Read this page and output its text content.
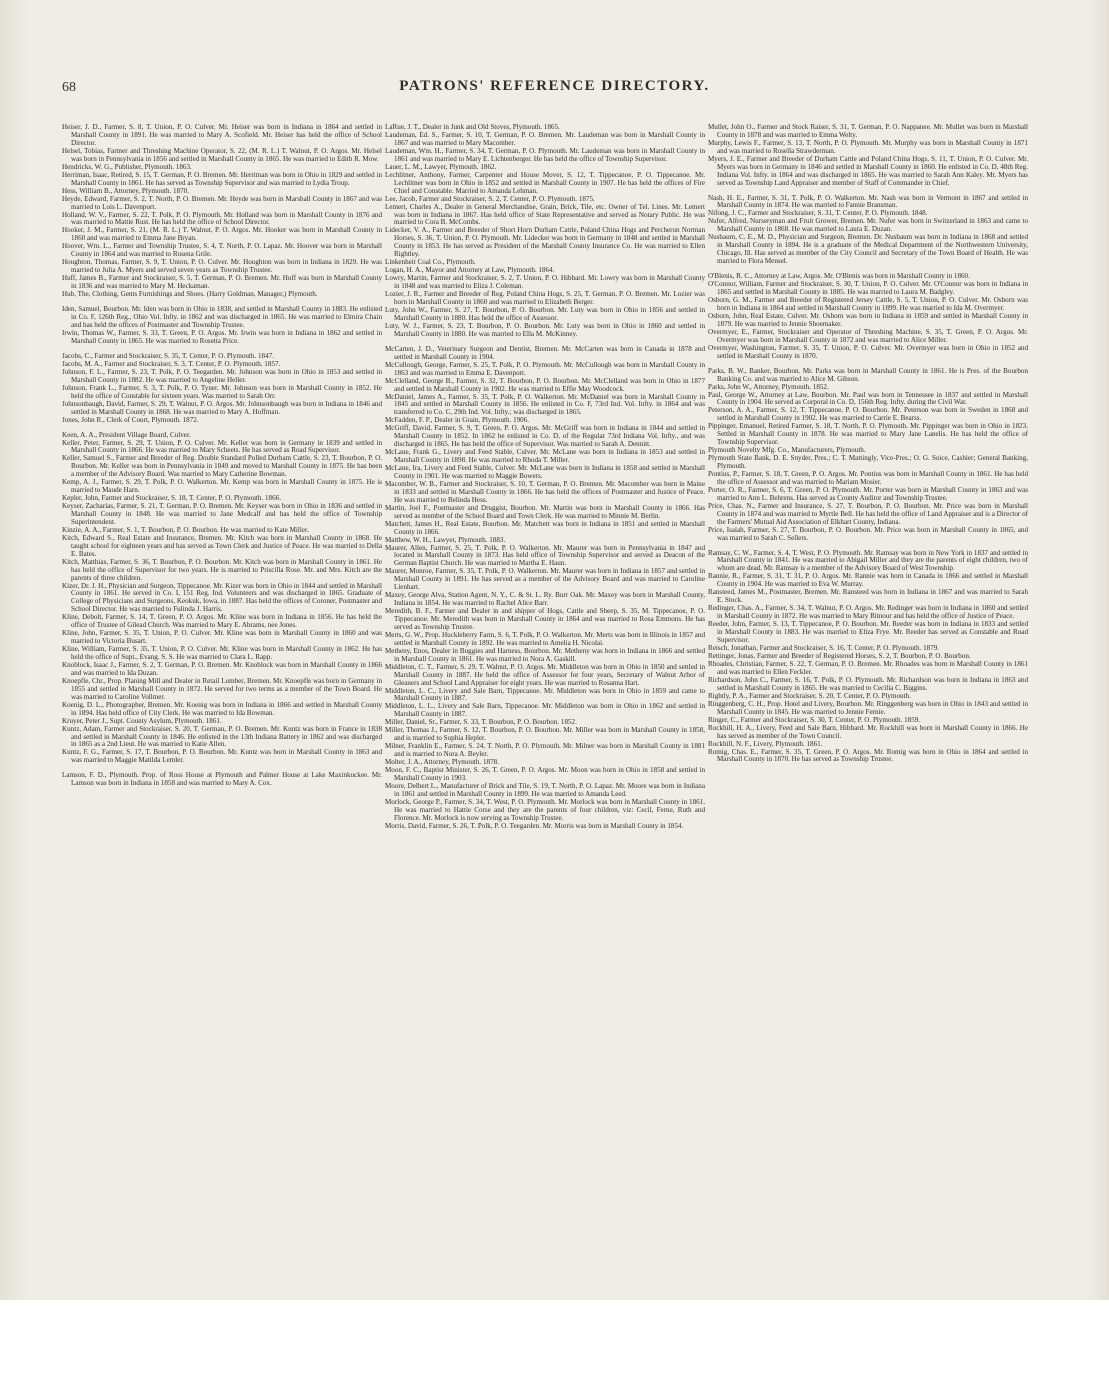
68	PATRONS' REFERENCE DIRECTORY.
Heiser, J. D., Farmer, S. 8, T. Union, P. O. Culver. Mr. Heiser was born in Indiana in 1864 and settled in Marshall County in 1891. He was married to Mary A. Scofield. Mr. Heiser has held the office of School Director.
Helsel, Tobias, Farmer and Threshing Machine Operator, S. 22, (M. R. L.) T. Walnut, P. O. Argos. Mr. Helsel was born in Pennsylvania in 1856 and settled in Marshall County in 1865. He was married to Edith R. Mow.
Hendricks, W. G., Publisher, Plymouth. 1863.
Herriman, Isaac, Retired, S. 15, T. German, P. O. Bremen. Mr. Herriman was born in Ohio in 1829 and settled in Marshall County in 1861. He has served as Township Supervisor and was married to Lydia Troup.
Hess, William B., Attorney, Plymouth. 1870.
Heyde, Edward, Farmer, S. 2, T. North, P. O. Bremen. Mr. Heyde was born in Marshall County in 1867 and was married to Lois L. Davenport.
Holland, W. V., Farmer, S. 22, T. Polk, P. O. Plymouth. Mr. Holland was born in Marshall County in 1876 and was married to Mattie Rust. He has held the office of School Director.
Hooker, J. M., Farmer, S. 21, (M. R. L.) T. Walnut, P. O. Argos. Mr. Hooker was born in Marshall County in 1860 and was married to Emma Jane Bryan.
Hoover, Wm. L., Farmer and Township Trustee, S. 4, T. North, P. O. Lapaz. Mr. Hoover was born in Marshall County in 1864 and was married to Rosena Grile.
Houghton, Thomas, Farmer, S. 9, T. Union, P. O. Culver. Mr. Houghton was born in Indiana in 1829. He was married to Julia A. Myers and served seven years as Township Trustee.
Huff, James B., Farmer and Stockraiser, S. 5, T. German, P. O. Bremen. Mr. Huff was born in Marshall County in 1836 and was married to Mary M. Heckaman.
Hub, The, Clothing, Gents Furnishings and Shoes. (Harry Goldman, Manager,) Plymouth.
Iden, Samuel, Bourbon. Mr. Iden was born in Ohio in 1838, and settled in Marshall County in 1883. He enlisted in Co. F, 126th Reg., Ohio Vol. Infty. in 1862 and was discharged in 1865. He was married to Elmira Chain and has held the offices of Postmaster and Township Trustee.
Irwin, Thomas W., Farmer, S. 33, T. Green, P. O. Argos. Mr. Irwin was born in Indiana in 1862 and settled in Marshall County in 1865. He was married to Rosetta Price.
Jacobs, C., Farmer and Stockraiser, S. 35, T. Center, P. O. Plymouth. 1847.
Jacobs, M. A., Farmer and Stockraiser, S. 3, T. Center, P. O. Plymouth. 1857.
Johnson, F. L., Farmer, S. 23, T. Polk, P. O. Teegarden. Mr. Johnson was born in Ohio in 1853 and settled in Marshall County in 1882. He was married to Angeline Heller.
Johnson, Frank L., Farmer, S. 3, T. Polk, P. O. Tyner. Mr. Johnson was born in Marshall County in 1852. He held the office of Constable for sixteen years. Was married to Sarah Orr.
Johnsonbaugh, David, Farmer, S. 29, T. Walnut, P. O. Argos. Mr. Johnsonbaugh was born in Indiana in 1846 and settled in Marshall County in 1868. He was married to Mary A. Hoffman.
Jones, John R., Clerk of Court, Plymouth. 1872.
Keen, A. A., President Village Board, Culver.
Keller, Peter, Farmer, S. 29, T. Union, P. O. Culver. Mr. Keller was born in Germany in 1839 and settled in Marshall County in 1866. He was married to Mary Scheets. He has served as Road Supervisor.
Keller, Samuel S., Farmer and Breeder of Reg. Double Standard Polled Durham Cattle, S. 23, T. Bourbon, P. O. Bourbon. Mr. Keller was born in Pennsylvania in 1849 and moved to Marshall County in 1875. He has been a member of the Advisory Board. Was married to Mary Catherine Bowman.
Kemp, A. J., Farmer, S. 29, T. Polk, P. O. Walkerton. Mr. Kemp was born in Marshall County in 1875. He is married to Maude Harn.
Kepler, John, Farmer and Stockraiser, S. 18, T. Center, P. O. Plymouth. 1866.
Keyser, Zacharias, Farmer, S. 21, T. German, P. O. Bremen. Mr. Keyser was born in Ohio in 1836 and settled in Marshall County in 1848. He was married to Jane Medcalf and has held the office of Township Superintendent.
Kinzie, A. A., Farmer, S. 1, T. Bourbon, P. O. Bourbon. He was married to Kate Miller.
Kitch, Edward S., Real Estate and Insurance, Bremen. Mr. Kitch was born in Marshall County in 1868. He taught school for eighteen years and has served as Town Clerk and Justice of Peace. He was married to Della E. Bates.
Kitch, Matthias, Farmer, S. 36, T. Bourbon, P. O. Bourbon. Mr. Kitch was born in Marshall County in 1861. He has held the office of Supervisor for two years. He is married to Priscilla Rose. Mr. and Mrs. Kitch are the parents of three children.
Kizer, Dr. J. H., Physician and Surgeon, Tippecanoe. Mr. Kizer was born in Ohio in 1844 and settled in Marshall County in 1861. He served in Co. I, 151 Reg. Ind. Volunteers and was discharged in 1865. Graduate of College of Physicians and Surgeons, Keokuk, Iowa, in 1887. Has held the offices of Coroner, Postmaster and School Director. He was married to Fulinda J. Harris.
Kline, Debolt, Farmer, S. 14, T. Green, P. O. Argos. Mr. Kline was born in Indiana in 1856. He has held the office of Trustee of Gilead Church. Was married to Mary E. Abrams, nee Jones.
Kline, John, Farmer, S. 35, T. Union, P. O. Culver. Mr. Kline was born in Marshall County in 1860 and was married to Victoria Busart.
Kline, William, Farmer, S. 35, T. Union, P. O. Culver. Mr. Kline was born in Marshall County in 1862. He has held the office of Supt., Evang. S. S. He was married to Clara L. Rapp.
Knoblock, Isaac J., Farmer, S. 2, T. German, P. O. Bremen. Mr. Knoblock was born in Marshall County in 1866 and was married to Ida Duzan.
Knoepfle, Chr., Prop. Planing Mill and Dealer in Retail Lumber, Bremen. Mr. Knoepfle was born in Germany in 1855 and settled in Marshall County in 1872. He served for two terms as a member of the Town Board. He was married to Caroline Vollmer.
Koenig, D. L., Photographer, Bremen. Mr. Koenig was born in Indiana in 1866 and settled in Marshall County in 1894. Has held office of City Clerk. He was married to Ida Bowman.
Kruyer, Peter J., Supt. County Asylum, Plymouth. 1861.
Kuntz, Adam, Farmer and Stockraiser, S. 20, T. German, P. O. Bremen. Mr. Kuntz was born in France in 1838 and settled in Marshall County in 1846. He enlisted in the 13th Indiana Battery in 1862 and was discharged in 1865 as a 2nd Lieut. He was married to Katie Allen.
Kuntz, F. G., Farmer, S. 17, T. Bourbon, P. O. Bourbon. Mr. Kuntz was born in Marshall County in 1863 and was married to Maggie Matilda Lemler.
Lamson, F. D., Plymouth. Prop. of Ross House at Plymouth and Palmer House at Lake Maxinkuckee. Mr. Lamson was born in Indiana in 1858 and was married to Mary A. Cox.
LaRue, J. T., Dealer in Junk and Old Stoves, Plymouth. 1865.
Laudeman, Ed. S., Farmer, S. 10, T. German, P. O. Bremen. Mr. Laudeman was born in Marshall County in 1867 and was married to Mary Macomber.
Laudeman, Wm. H., Farmer, S. 34, T. German, P. O. Plymouth. Mr. Laudeman was born in Marshall County in 1861 and was married to Mary E. Lichtenberger. He has held the office of Township Supervisor.
Lauer, L. M., Lawyer, Plymouth. 1862.
Lechlitner, Anthony, Farmer, Carpenter and House Mover, S. 12, T. Tippecanoe, P. O. Tippecanoe. Mr. Lechlitner was born in Ohio in 1852 and settled in Marshall County in 1907. He has held the offices of Fire Chief and Constable. Married to Amanda Lehman.
Lee, Jacob, Farmer and Stockraiser, S. 2, T. Center, P. O. Plymouth. 1875.
Lemert, Charles A., Dealer in General Merchandise, Grain, Brick, Tile, etc. Owner of Tel. Lines. Mr. Lemert was born in Indiana in 1867. Has held office of State Representative and served as Notary Public. He was married to Cora B. McCombs.
Lidecker, V. A., Farmer and Breeder of Short Horn Durham Cattle, Poland China Hogs and Percheron Norman Horses, S. 36, T. Union, P. O. Plymouth. Mr. Lidecker was born in Germany in 1848 and settled in Marshall County in 1853. He has served as President of the Marshall County Insurance Co. He was married to Ellen Rightley.
Linkenheit Coal Co., Plymouth.
Logan, H. A., Mayor and Attorney at Law, Plymouth. 1864.
Lowry, Martin, Farmer and Stockraiser, S. 2, T. Union, P. O. Hibbard. Mr. Lowry was born in Marshall County in 1848 and was married to Eliza J. Coleman.
Lozier, J. R., Farmer and Breeder of Reg. Poland China Hogs, S. 25, T. German, P. O. Bremen. Mr. Lozier was born in Marshall County in 1860 and was married to Elizabeth Berger.
Luty, John W., Farmer, S. 27, T. Bourbon, P. O. Bourbon. Mr. Luty was born in Ohio in 1856 and settled in Marshall County in 1880. Has held the office of Assessor.
Luty, W. J., Farmer, S. 23, T. Bourbon, P. O. Bourbon. Mr. Luty was born in Ohio in 1860 and settled in Marshall County in 1880. He was married to Ella M. McKinney.
McCarten, J. D., Veterinary Surgeon and Dentist, Bremen. Mr. McCarten was born in Canada in 1878 and settled in Marshall County in 1904.
McCullough, George, Farmer, S. 25, T. Polk, P. O. Plymouth. Mr. McCullough was born in Marshall County in 1863 and was married to Emma E. Davenport.
McClelland, George B., Farmer, S. 32, T. Bourbon, P. O. Bourbon. Mr. McClelland was born in Ohio in 1877 and settled in Marshall County in 1902. He was married to Effie May Woodcock.
McDaniel, James A., Farmer, S. 35, T. Polk, P. O. Walkerton. Mr. McDaniel was born in Marshall County in 1845 and settled in Marshall County in 1856. He enlisted in Co. F, 73rd Ind. Vol. Infty. in 1864 and was transferred to Co. C, 29th Ind. Vol. Infty.; was discharged in 1865.
McFadden, F. P., Dealer in Grain, Plymouth. 1906.
McGriff, David, Farmer, S. 9, T. Green, P. O. Argos. Mr. McGriff was born in Indiana in 1844 and settled in Marshall County in 1852. In 1862 he enlisted in Co. D, of the Regular 73rd Indiana Vol. Infty., and was discharged in 1865. He has held the office of Supervisor. Was married to Sarah A. Dennitt.
McLane, Frank G., Livery and Feed Stable, Culver. Mr. McLane was born in Indiana in 1853 and settled in Marshall County in 1898. He was married to Rhoda T. Miller.
McLane, Ira, Livery and Feed Stable, Culver. Mr. McLane was born in Indiana in 1858 and settled in Marshall County in 1901. He was married to Maggie Bowers.
Macomber, W. B., Farmer and Stockraiser, S. 10, T. German, P. O. Bremen. Mr. Macomber was born in Maine in 1833 and settled in Marshall County in 1866. He has held the offices of Postmaster and Justice of Peace. He was married to Belinda Hess.
Martin, Joel F., Postmaster and Druggist, Bourbon. Mr. Martin was born in Marshall County in 1866. Has served as member of the School Board and Town Clerk. He was married to Minnie M. Berlin.
Matchett, James H., Real Estate, Bourbon. Mr. Matchett was born in Indiana in 1851 and settled in Marshall County in 1866.
Matthew, W. H., Lawyer, Plymouth. 1883.
Maurer, Allen, Farmer, S. 25, T. Polk, P. O. Walkerton. Mr. Maurer was born in Pennsylvania in 1847 and located in Marshall County in 1873. Has held office of Township Supervisor and served as Deacon of the German Baptist Church. He was married to Martha E. Haun.
Maurer, Monroe, Farmer, S. 35, T. Polk, P. O. Walkerton. Mr. Maurer was born in Indiana in 1857 and settled in Marshall County in 1891. He has served as a member of the Advisory Board and was married to Caroline Lienhart.
Maxey, George Alva, Station Agent, N. Y., C. & St. L. Ry. Burr Oak. Mr. Maxey was born in Marshall County, Indiana in 1854. He was married to Rachel Alice Barr.
Meredith, B. F., Farmer and Dealer in and shipper of Hogs, Cattle and Sheep, S. 35, M. Tippecanoe, P. O. Tippecanoe. Mr. Meredith was born in Marshall County in 1864 and was married to Rosa Emmons. He has served as Township Trustee.
Merts, G. W., Prop. Huckleberry Farm, S. 6, T. Polk, P. O. Walkerton. Mr. Merts was born in Illinois in 1857 and settled in Marshall County in 1892. He was married to Amelia H. Nicolai.
Metheny, Enos, Dealer in Buggies and Harness, Bourbon. Mr. Metheny was born in Indiana in 1866 and settled in Marshall County in 1861. He was married to Nora A. Gaskill.
Middleton, C. T., Farmer, S. 29, T. Walnut, P. O. Argos. Mr. Middleton was born in Ohio in 1850 and settled in Marshall County in 1887. He held the office of Assessor for four years, Secretary of Walnut Arbor of Gleaners and School Land Appraiser for eight years. He was married to Rosanna Hart.
Middleton, L. C., Livery and Sale Barn, Tippecanoe. Mr. Middleton was born in Ohio in 1859 and came to Marshall County in 1887.
Middleton, L. L., Livery and Sale Barn, Tippecanoe. Mr. Middleton was born in Ohio in 1862 and settled in Marshall County in 1887.
Miller, Daniel, Sr., Farmer, S. 33, T. Bourbon, P. O. Bourbon. 1852.
Miller, Thomas J., Farmer, S. 12, T. Bourbon, P. O. Bourbon. Mr. Miller was born in Marshall County in 1858, and is married to Sophia Hepler.
Milner, Franklin E., Farmer, S. 24, T. North, P. O. Plymouth. Mr. Milner was born in Marshall County in 1881 and is married to Nora A. Beyler.
Molter, J. A., Attorney, Plymouth. 1878.
Moon, F. C., Baptist Minister, S. 26, T. Green, P. O. Argos. Mr. Moon was born in Ohio in 1858 and settled in Marshall County in 1903.
Moore, Delbert L., Manufacturer of Brick and Tile, S. 19, T. North, P. O. Lapaz. Mr. Moore was born in Indiana in 1861 and settled in Marshall County in 1899. He was married to Amanda Leed.
Morlock, George P., Farmer, S. 34, T. West, P. O. Plymouth. Mr. Morlock was born in Marshall County in 1861. He was married to Hattie Corse and they are the parents of four children, viz: Cecil, Ferne, Ruth and Florence. Mr. Morlock is now serving as Township Trustee.
Morris, David, Farmer, S. 26, T. Polk, P. O. Teegarden. Mr. Morris was born in Marshall County in 1854.
Mullet, John O., Farmer and Stock Raiser, S. 31, T. German, P. O. Nappanee. Mr. Mullet was born in Marshall County in 1878 and was married to Emma Welty.
Murphy, Lewis F., Farmer, S. 13, T. North, P. O. Plymouth. Mr. Murphy was born in Marshall County in 1871 and was married to Rosella Strawderman.
Myers, J. E., Farmer and Breeder of Durham Cattle and Poland China Hogs, S. 11, T. Union, P. O. Culver. Mr. Myers was born in Germany in 1846 and settled in Marshall County in 1860. He enlisted in Co. D, 48th Reg. Indiana Vol. Infty. in 1864 and was discharged in 1865. He was married to Sarah Ann Kaley. Mr. Myers has served as Township Land Appraiser and member of Staff of Commander in Chief.
Nash, H. E., Farmer, S. 31, T. Polk, P. O. Walkerton. Mr. Nash was born in Vermont in 1867 and settled in Marshall County in 1874. He was married to Fannie Bransman.
Nifong, J. C., Farmer and Stockraiser, S. 31, T. Center, P. O. Plymouth. 1848.
Nufer, Alfred, Nurseryman and Fruit Grower, Bremen. Mr. Nufer was born in Switzerland in 1863 and came to Marshall County in 1868. He was married to Laura E. Duzan.
Nusbaum, C. E., M. D., Physician and Surgeon, Bremen. Dr. Nusbaum was born in Indiana in 1868 and settled in Marshall County in 1894. He is a graduate of the Medical Department of the Northwestern University, Chicago, Ill. Has served as member of the City Council and Secretary of the Town Board of Health. He was married to Flora Mensel.
O'Blenis, R. C., Attorney at Law, Argos. Mr. O'Blenis was born in Marshall County in 1860.
O'Connor, William, Farmer and Stockraiser, S. 30, T. Union, P. O. Culver. Mr. O'Connor was born in Indiana in 1865 and settled in Marshall County in 1885. He was married to Laura M. Badgley.
Osborn, G. M., Farmer and Breeder of Registered Jersey Cattle, S. 5, T. Union, P. O. Culver. Mr. Osborn was born in Indiana in 1864 and settled in Marshall County in 1899. He was married to Ida M. Overmyer.
Osborn, John, Real Estate, Culver. Mr. Osborn was born in Indiana in 1859 and settled in Marshall County in 1879. He was married to Jennie Shoemaker.
Overmyer, E., Farmer, Stockraiser and Operator of Threshing Machine, S. 35, T. Green, P. O. Argos. Mr. Overmyer was born in Marshall County in 1872 and was married to Alice Miller.
Overmyer, Washington, Farmer, S. 35, T. Union, P. O. Culver. Mr. Overmyer was born in Ohio in 1852 and settled in Marshall County in 1870.
Parks, B. W., Banker, Bourbon. Mr. Parks was born in Marshall County in 1861. He is Pres. of the Bourbon Banking Co. and was married to Alice M. Gibson.
Parks, John W., Attorney, Plymouth. 1852.
Paul, George W., Attorney at Law, Bourbon. Mr. Paul was born in Tennessee in 1837 and settled in Marshall County in 1904. He served as Corporal in Co. D, 156th Reg. Infty. during the Civil War.
Peterson, A. A., Farmer, S. 12, T. Tippecanoe, P. O. Bourbon. Mr. Peterson was born in Sweden in 1868 and settled in Marshall County in 1902. He was married to Carrie E. Bearss.
Pippinger, Emanuel, Retired Farmer, S. 18, T. North, P. O. Plymouth. Mr. Pippinger was born in Ohio in 1823. Settled in Marshall County in 1878. He was married to Mary Jane Lanelis. He has held the office of Township Supervisor.
Plymouth Novelty Mfg. Co., Manufacturers, Plymouth.
Plymouth State Bank, D. E. Snyder, Pres.; C. T. Mattingly, Vice-Pres.; O. G. Soice, Cashier; General Banking, Plymouth.
Pontius, P., Farmer, S. 18, T. Green, P. O. Argos. Mr. Pontius was born in Marshall County in 1861. He has held the office of Assessor and was married to Mariam Mosier.
Porter, O. R., Farmer, S. 6, T. Green, P. O. Plymouth. Mr. Porter was born in Marshall County in 1863 and was married to Ann L. Behrens. Has served as County Auditor and Township Trustee.
Price, Chas. N., Farmer and Insurance, S. 27, T. Bourbon, P. O. Bourbon. Mr. Price was born in Marshall County in 1874 and was married to Myrtle Bell. He has held the office of Land Appraiser and is a Director of the Farmers' Mutual Aid Association of Elkhart County, Indiana.
Price, Isaiah, Farmer, S. 27, T. Bourbon, P. O. Bourbon. Mr. Price was born in Marshall County in 1865, and was married to Sarah C. Sellers.
Ramsay, C. W., Farmer, S. 4, T. West, P. O. Plymouth. Mr. Ramsay was born in New York in 1837 and settled in Marshall County in 1841. He was married to Abigail Miller and they are the parents of eight children, two of whom are dead. Mr. Ramsay is a member of the Advisory Board of West Township.
Rannie, R., Farmer, S. 31, T. 31, P. O. Argos. Mr. Rannie was born in Canada in 1866 and settled in Marshall County in 1904. He was married to Eva W. Murray.
Ransteed, James M., Postmaster, Bremen. Mr. Ransteed was born in Indiana in 1867 and was married to Sarah E. Stock.
Redinger, Chas. A., Farmer, S. 34, T. Walnut, P. O. Argos. Mr. Redinger was born in Indiana in 1860 and settled in Marshall County in 1872. He was married to Mary Ritnour and has held the office of Justice of Peace.
Reeder, John, Farmer, S. 13, T. Tippecanoe, P. O. Bourbon. Mr. Reeder was born in Indiana in 1833 and settled in Marshall County in 1883. He was married to Eliza Frye. Mr. Reeder has served as Constable and Road Supervisor.
Reisch, Jonathan, Farmer and Stockraiser, S. 16, T. Center, P. O. Plymouth. 1879.
Rettinger, Jonas, Farmer and Breeder of Registered Horses, S. 2, T. Bourbon, P. O. Bourbon.
Rhoades, Christian, Farmer, S. 22, T. German, P. O. Bremen. Mr. Rhoades was born in Marshall County in 1861 and was married to Ellen Feckler.
Richardson, John C., Farmer, S. 16, T. Polk, P. O. Plymouth. Mr. Richardson was born in Indiana in 1863 and settled in Marshall County in 1865. He was married to Cecilia C. Biggins.
Rightly, P. A., Farmer and Stockraiser, S. 20, T. Center, P. O. Plymouth.
Ringgenberg, C. H., Prop. Hotel and Livery, Bourbon. Mr. Ringgenberg was born in Ohio in 1843 and settled in Marshall County in 1845. He was married to Jennie Fernie.
Ringer, C., Farmer and Stockraiser, S. 30, T. Center, P. O. Plymouth. 1859.
Rockhill, H. A., Livery, Feed and Sale Barn, Hibbard. Mr. Rockhill was born in Marshall County in 1866. He has served as member of the Town Council.
Rockhill, N. F., Livery, Plymouth. 1861.
Romig, Chas. E., Farmer, S. 35, T. Green, P. O. Argos. Mr. Romig was born in Ohio in 1864 and settled in Marshall County in 1870. He has served as Township Trustee.
